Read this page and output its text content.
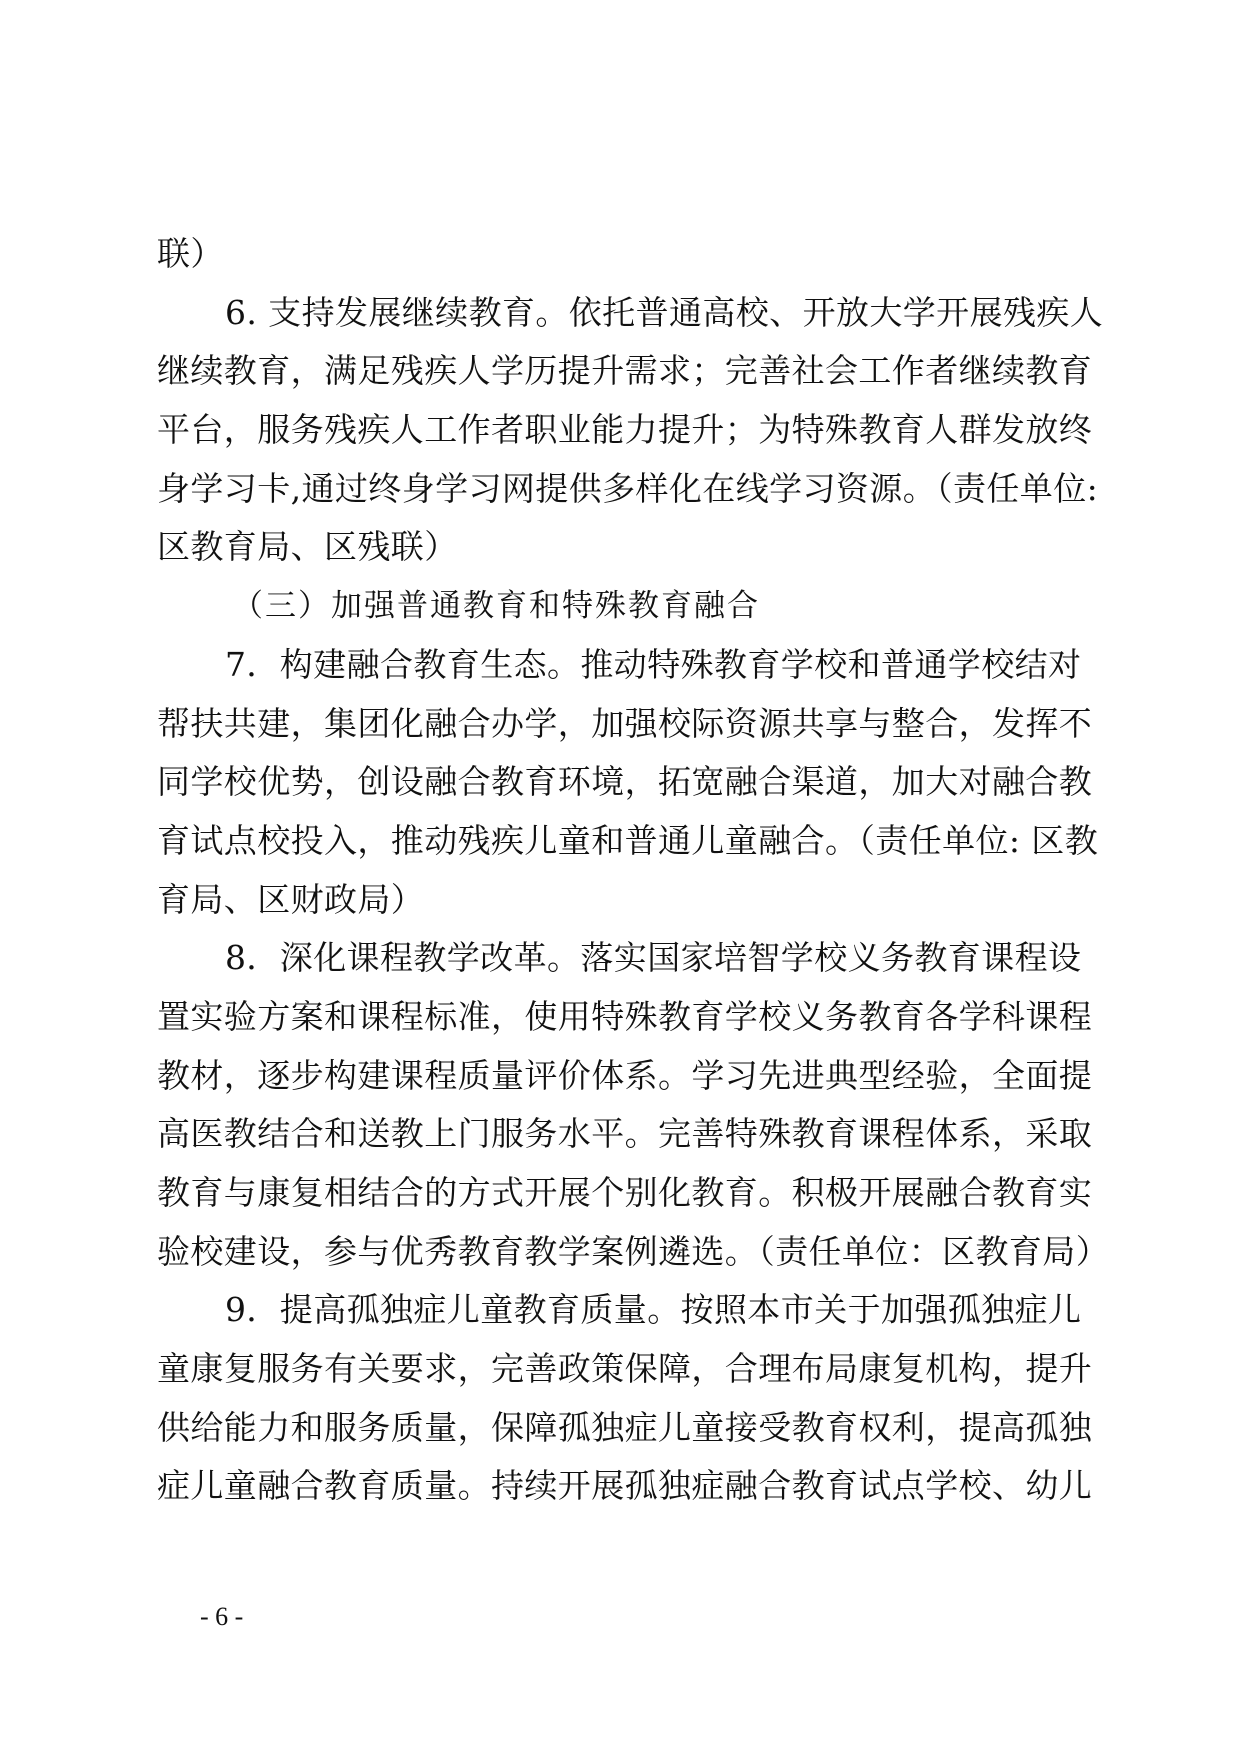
联）
6. 支持发展继续教育。依托普通高校、开放大学开展残疾人
继续教育，满足残疾人学历提升需求；完善社会工作者继续教育
平台，服务残疾人工作者职业能力提升；为特殊教育人群发放终
身学习卡,通过终身学习网提供多样化在线学习资源。（责任单位:
区教育局、区残联）
（三）加强普通教育和特殊教育融合
7．构建融合教育生态。推动特殊教育学校和普通学校结对
帮扶共建，集团化融合办学，加强校际资源共享与整合，发挥不
同学校优势，创设融合教育环境，拓宽融合渠道，加大对融合教
育试点校投入，推动残疾儿童和普通儿童融合。（责任单位: 区教
育局、区财政局）
8．深化课程教学改革。落实国家培智学校义务教育课程设
置实验方案和课程标准，使用特殊教育学校义务教育各学科课程
教材，逐步构建课程质量评价体系。学习先进典型经验，全面提
高医教结合和送教上门服务水平。完善特殊教育课程体系，采取
教育与康复相结合的方式开展个别化教育。积极开展融合教育实
验校建设，参与优秀教育教学案例遴选。（责任单位：区教育局）
9．提高孤独症儿童教育质量。按照本市关于加强孤独症儿
童康复服务有关要求，完善政策保障，合理布局康复机构，提升
供给能力和服务质量，保障孤独症儿童接受教育权利，提高孤独
症儿童融合教育质量。持续开展孤独症融合教育试点学校、幼儿
- 6 -
